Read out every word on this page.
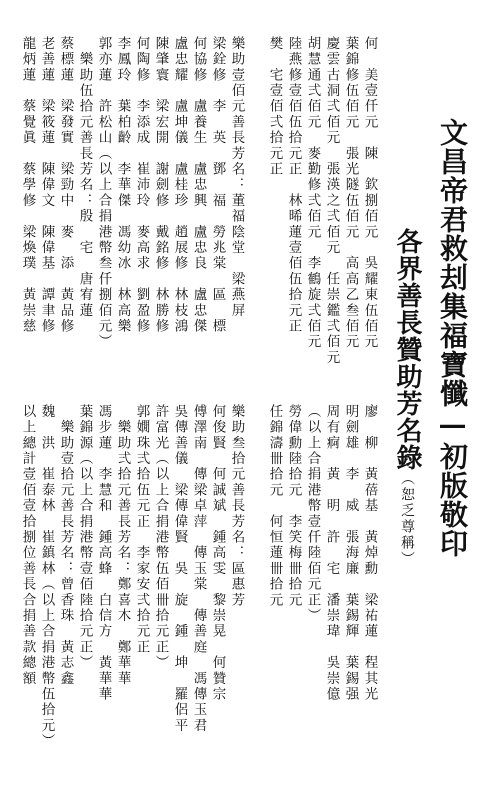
文昌帝君救刦集福寶懺—初版敬印
各界善長贊助芳名錄（恕乏尊稱）
何　美壹仟元　陳　欽捌佰元　吳耀東伍佰元
葉錦修伍佰元　張光隧伍佰元　高高乙叁佰元
慶雲古洞弍佰元　張渶之弍佰元　任崇鑑弍佰元
胡慧通弍佰元　麥勤修弍佰元　李鶴旋弍佰元
陸燕修壹佰伍拾元正　林晞蓮壹佰伍拾元正
樊　宅壹佰弍拾元正
樂助壹佰元善長芳名：董福陰堂　梁燕屏
梁銓修　李　英　鄧　福　勞兆棠　區　標
何協修　盧養生　盧忠興　盧忠良　盧忠傑
盧忠耀　盧坤儀　盧桂珍　趙展修　林枝鴻
陳肇寰　梁宏開　謝劍修　戴銘修　林勝修
何陶修　李添成　崔沛玲　麥高求　劉盈修
李鳳玲　葉柏齡　李華傑　馮幼冰　林高樂
郭亦蓮　許松山（以上合捐港幣叁仟捌佰元）
　樂助伍拾元善長芳名：殷　宅　唐宥蓮
蔡標蓮　梁發實　梁勁中　麥　添　黃品修
老善蓮　梁筱蓮　陳偉文　陳偉基　譚聿修
龍炳蓮　蔡覺眞　蔡學修　梁煥璞　黃崇慈
廖　柳　黃蓓基　黃焯勳　梁祐蓮　程其光
明劍雄　李　威　張海廉　葉錫輝　葉錫强
周有痾　黃　明　許　宅　潘崇瑋　吳崇億
（以上合捐港幣壹仟陸佰元正）
勞偉勳陸拾元　李笑梅卌拾元
任錦濤卌拾元　何恒蓮卌拾元
樂助叁拾元善長芳名：區惠芳
何俊賢　何誠斌　鍾高雯　黎崇晃　何贊宗
傅澤南　傳梁卓萍　傳玉棠　傳善庭　馮傳玉君
吳傳善儀　梁傳偉賢　吳　旋　鍾　坤　羅侶平
許富光（以上合捐港幣伍佰卌拾元正）
郭嫺珠弍拾伍元正　李家安弍拾元正
　樂助弍拾元善長芳名：鄭喜木　鄭華華
馮步蓮　李慧和　鍾高蜂　白信方　黃華華
葉錦源（以上合捐港幣壹佰陸拾元正）
　樂助壹拾元善長芳名：曾香珠　黃志鑫
魏　洪　崔泰林　崔鎮林（以上合捐港幣伍拾元）
以上總計壹佰壹拾捌位善長合捐善款總額
